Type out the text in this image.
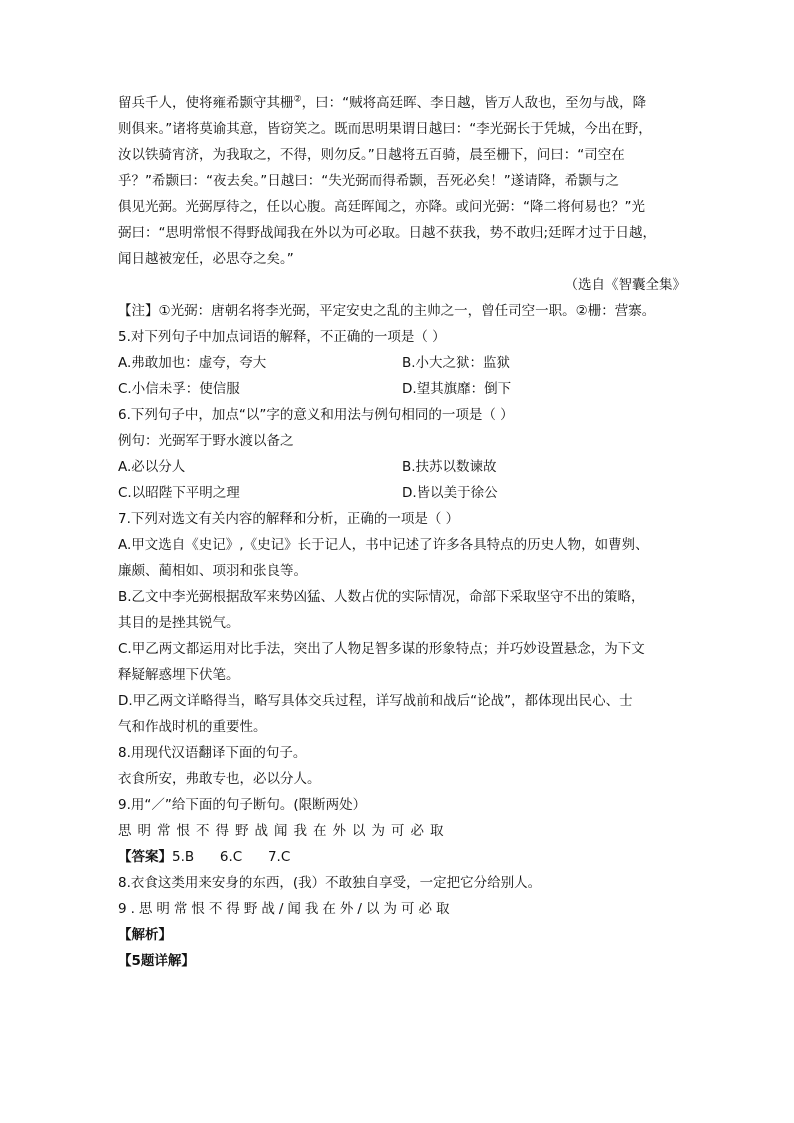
留兵千人，使将雍希颢守其栅②，曰：“贼将高廷晖、李日越，皆万人敌也，至勿与战，降
则俱来。”诸将莫谕其意，皆窃笑之。既而思明果谓日越曰：“李光弼长于凭城，今出在野，
汝以铁骑宵济，为我取之，不得，则勿反。”日越将五百骑，晨至栅下，问曰：“司空在
乎？”希颢曰：“夜去矣。”日越曰：“失光弼而得希颢，吾死必矣！”遂请降，希颢与之
俱见光弼。光弼厚待之，任以心腹。高廷晖闻之，亦降。或问光弼：“降二将何易也？”光
弼曰：“思明常恨不得野战闻我在外以为可必取。日越不获我，势不敢归;廷晖才过于日越，
闻日越被宠任，必思夺之矣。”
（选自《智囊全集》
【注】①光弼：唐朝名将李光弼，平定安史之乱的主帅之一，曾任司空一职。②栅：营寨。
5.对下列句子中加点词语的解释，不正确的一项是（ ）
A.弗敢加也：虚夸，夸大	B.小大之狱：监狱
C.小信未孚：使信服	D.望其旗靡：倒下
6.下列句子中，加点“以”字的意义和用法与例句相同的一项是（ ）
例句：光弼军于野水渡以备之
A.必以分人	B.扶苏以数谏故
C.以昭陛下平明之理	D.皆以美于徐公
7.下列对选文有关内容的解释和分析，正确的一项是（ ）
A.甲文选自《史记》,《史记》长于记人，书中记述了许多各具特点的历史人物，如曹刿、
廉颇、蔺相如、项羽和张良等。
B.乙文中李光弼根据敌军来势凶猛、人数占优的实际情况，命部下采取坚守不出的策略，
其目的是挫其锐气。
C.甲乙两文都运用对比手法，突出了人物足智多谋的形象特点；并巧妙设置悬念，为下文
释疑解惑埋下伏笔。
D.甲乙两文详略得当，略写具体交兵过程，详写战前和战后“论战”，都体现出民心、士
气和作战时机的重要性。
8.用现代汉语翻译下面的句子。
衣食所安，弗敢专也，必以分人。
9.用“／”给下面的句子断句。(限断两处）
思明常恨不得野战闻我在外以为可必取
【答案】5.B      6.C      7.C
8.衣食这类用来安身的东西，(我）不敢独自享受，一定把它分给别人。
9.思明常恨不得野战/闻我在外/以为可必取
【解析】
【5题详解】
